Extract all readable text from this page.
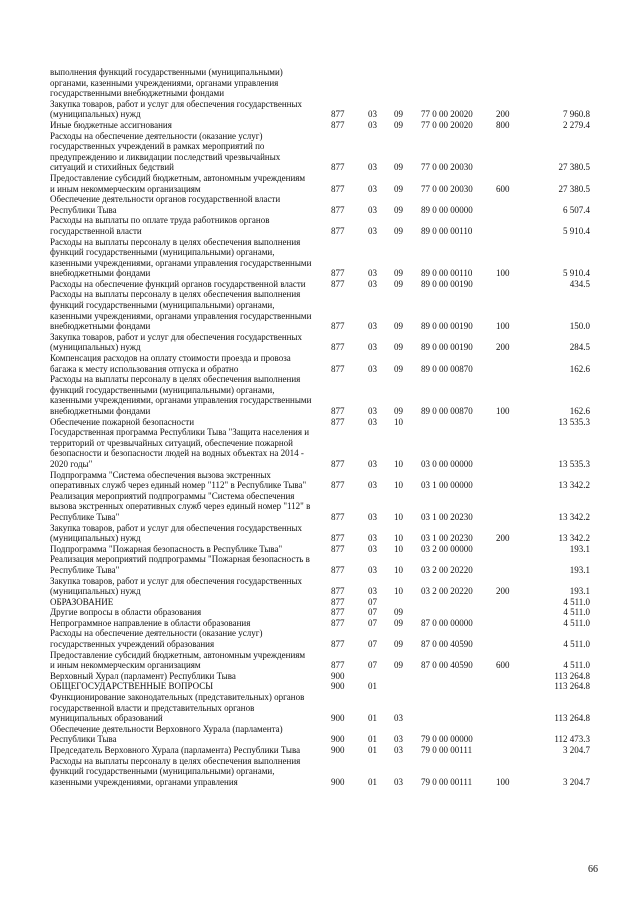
выполнения функций государственными (муниципальными) органами, казенными учреждениями, органами управления государственными внебюджетными фондами
Закупка товаров, работ и услуг для обеспечения государственных (муниципальных) нужд	877	03 09 77 0 00 20020	200	7 960.8
Иные бюджетные ассигнования	877	03 09 77 0 00 20020	800	2 279.4
Расходы на обеспечение деятельности (оказание услуг) государственных учреждений в рамках мероприятий по предупреждению и ликвидации последствий чрезвычайных ситуаций и стихийных бедствий	877	03 09 77 0 00 20030	27 380.5
Предоставление субсидий бюджетным, автономным учреждениям и иным некоммерческим организациям	877	03 09 77 0 00 20030	600	27 380.5
Обеспечение деятельности органов государственной власти Республики Тыва	877	03 09 89 0 00 00000	6 507.4
Расходы на выплаты по оплате труда работников органов государственной власти	877	03 09 89 0 00 00110	5 910.4
Расходы на выплаты персоналу в целях обеспечения выполнения функций государственными (муниципальными) органами, казенными учреждениями, органами управления государственными внебюджетными фондами	877	03 09 89 0 00 00110	100	5 910.4
Расходы на обеспечение функций органов государственной власти	877	03 09 89 0 00 00190	434.5
Расходы на выплаты персоналу в целях обеспечения выполнения функций государственными (муниципальными) органами, казенными учреждениями, органами управления государственными внебюджетными фондами	877	03 09 89 0 00 00190	100	150.0
Закупка товаров, работ и услуг для обеспечения государственных (муниципальных) нужд	877	03 09 89 0 00 00190	200	284.5
Компенсация расходов на оплату стоимости проезда и провоза багажа к месту использования отпуска и обратно	877	03 09 89 0 00 00870	162.6
Расходы на выплаты персоналу в целях обеспечения выполнения функций государственными (муниципальными) органами, казенными учреждениями, органами управления государственными внебюджетными фондами	877	03 09 89 0 00 00870	100	162.6
Обеспечение пожарной безопасности	877	03 10	13 535.3
Государственная программа Республики Тыва "Защита населения и территорий от чрезвычайных ситуаций, обеспечение пожарной безопасности и безопасности людей на водных объектах на 2014 - 2020 годы"	877	03 10 03 0 00 00000	13 535.3
Подпрограмма "Система обеспечения вызова экстренных оперативных служб через единый номер "112" в Республике Тыва"	877	03 10 03 1 00 00000	13 342.2
Реализация мероприятий подпрограммы "Система обеспечения вызова экстренных оперативных служб через единый номер "112" в Республике Тыва"	877	03 10 03 1 00 20230	13 342.2
Закупка товаров, работ и услуг для обеспечения государственных (муниципальных) нужд	877	03 10 03 1 00 20230	200	13 342.2
Подпрограмма "Пожарная безопасность в Республике Тыва"	877	03 10 03 2 00 00000	193.1
Реализация мероприятий подпрограммы "Пожарная безопасность в Республике Тыва"	877	03 10 03 2 00 20220	193.1
Закупка товаров, работ и услуг для обеспечения государственных (муниципальных) нужд	877	03 10 03 2 00 20220	200	193.1
ОБРАЗОВАНИЕ	877	07	4 511.0
Другие вопросы в области образования	877	07 09	4 511.0
Непрограммное направление в области образования	877	07 09 87 0 00 00000	4 511.0
Расходы на обеспечение деятельности (оказание услуг) государственных учреждений образования	877	07 09 87 0 00 40590	4 511.0
Предоставление субсидий бюджетным, автономным учреждениям и иным некоммерческим организациям	877	07 09 87 0 00 40590	600	4 511.0
Верховный Хурал (парламент) Республики Тыва	900	113 264.8
ОБЩЕГОСУДАРСТВЕННЫЕ ВОПРОСЫ	900	01	113 264.8
Функционирование законодательных (представительных) органов государственной власти и представительных органов муниципальных образований	900	01 03	113 264.8
Обеспечение деятельности Верховного Хурала (парламента) Республики Тыва	900	01 03 79 0 00 00000	112 473.3
Председатель Верховного Хурала (парламента) Республики Тыва	900	01 03 79 0 00 00111	3 204.7
Расходы на выплаты персоналу в целях обеспечения выполнения функций государственными (муниципальными) органами, казенными учреждениями, органами управления	900	01 03 79 0 00 00111	100	3 204.7
66
